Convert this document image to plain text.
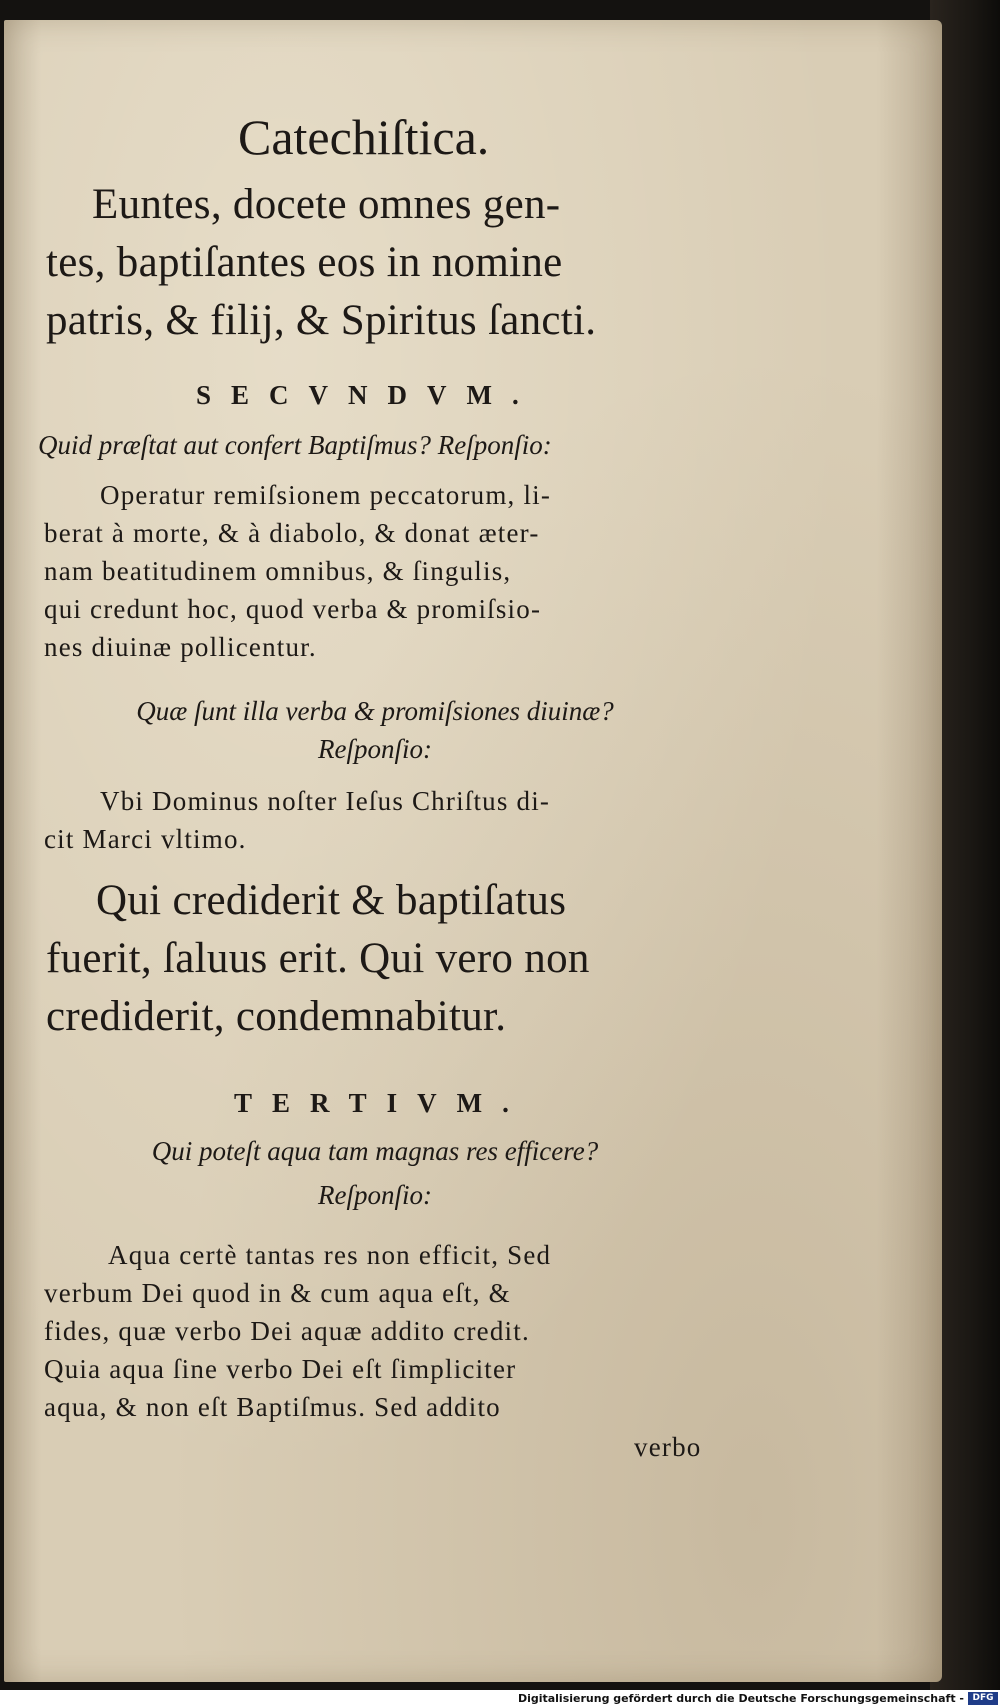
Catechiſtica.
Euntes, docete omnes gen-
tes, baptiſantes eos in nomine
patris, & filij, & Spiritus ſancti.
SECVNDVM.
Quid præſtat aut confert Baptiſmus? Reſponſio:
Operatur remiſsionem peccatorum, li-
berat à morte, & à diabolo, & donat æter-
nam beatitudinem omnibus, & ſingulis,
qui credunt hoc, quod verba & promiſsio-
nes diuinæ pollicentur.
Quæ ſunt illa verba & promiſsiones diuinæ?
Reſponſio:
Vbi Dominus noſter Ieſus Chriſtus di-
cit Marci vltimo.
Qui crediderit & baptiſatus
fuerit, ſaluus erit. Qui vero non
crediderit, condemnabitur.
TERTIVM.
Qui poteſt aqua tam magnas res efficere?
Reſponſio:
Aqua certè tantas res non efficit, Sed
verbum Dei quod in & cum aqua eſt, &
fides, quæ verbo Dei aquæ addito credit.
Quia aqua ſine verbo Dei eſt ſimpliciter
aqua, & non eſt Baptiſmus. Sed addito
verbo
Digitalisierung gefördert durch die Deutsche Forschungsgemeinschaft - DFG
